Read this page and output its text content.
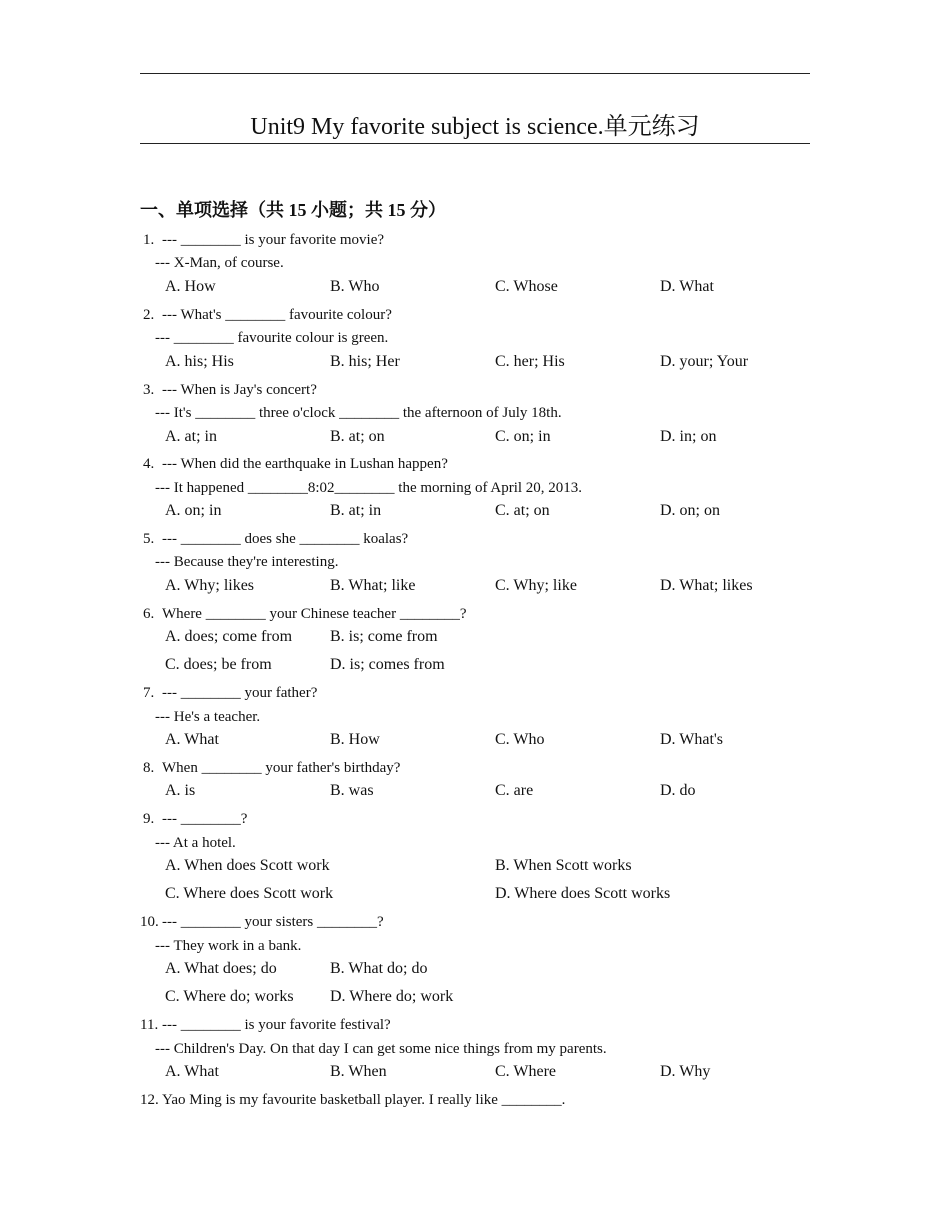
Unit9 My favorite subject is science.单元练习
一、单项选择（共 15 小题；共 15 分）
1. --- ________ is your favorite movie?
--- X-Man, of course.
A. How	B. Who	C. Whose	D. What
2. --- What's ________ favourite colour?
--- ________ favourite colour is green.
A. his; His	B. his; Her	C. her; His	D. your; Your
3. --- When is Jay's concert?
--- It's ________ three o'clock ________ the afternoon of July 18th.
A. at; in	B. at; on	C. on; in	D. in; on
4. --- When did the earthquake in Lushan happen?
--- It happened ________8:02________ the morning of April 20, 2013.
A. on; in	B. at; in	C. at; on	D. on; on
5. --- ________ does she ________ koalas?
--- Because they're interesting.
A. Why; likes	B. What; like	C. Why; like	D. What; likes
6. Where ________ your Chinese teacher ________?
A. does; come from B. is; come from
C. does; be from	D. is; comes from
7. --- ________ your father?
--- He's a teacher.
A. What	B. How	C. Who	D. What's
8. When ________ your father's birthday?
A. is	B. was	C. are	D. do
9. --- ________?
--- At a hotel.
A. When does Scott work	B. When Scott works
C. Where does Scott work	D. Where does Scott works
10. --- ________ your sisters ________?
--- They work in a bank.
A. What does; do	B. What do; do
C. Where do; works D. Where do; work
11. --- ________ is your favorite festival?
--- Children's Day. On that day I can get some nice things from my parents.
A. What	B. When	C. Where	D. Why
12. Yao Ming is my favourite basketball player. I really like ________.
